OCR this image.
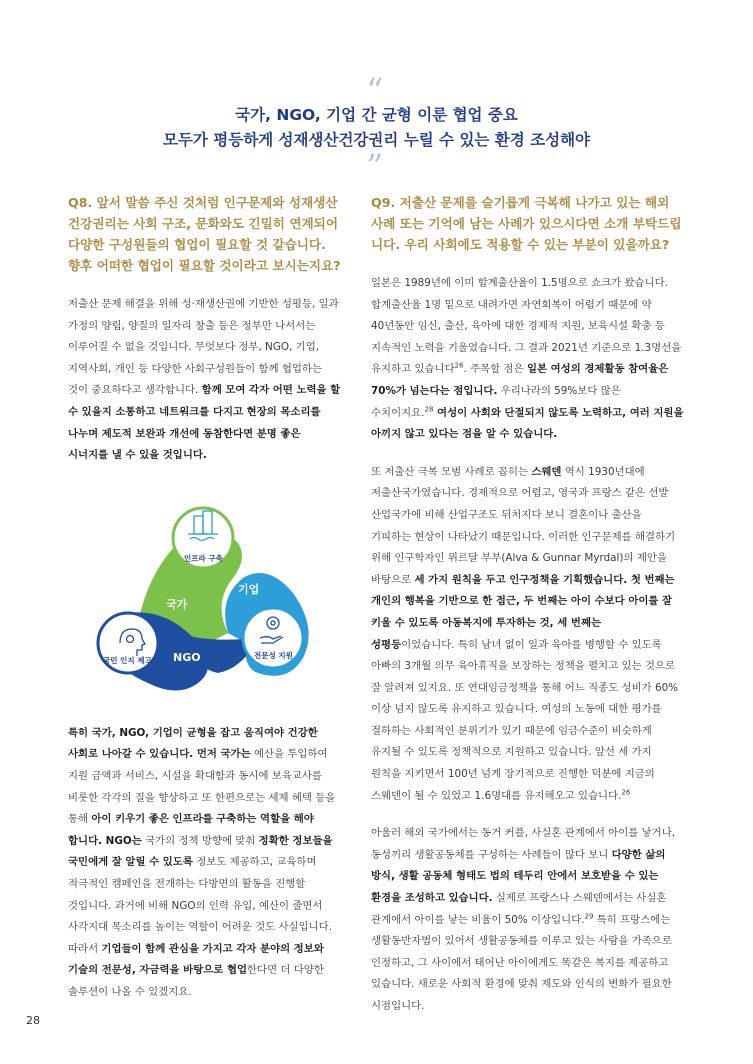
“
국가, NGO, 기업 간 균형 이룬 협업 중요
모두가 평등하게 성재생산건강권리 누릴 수 있는 환경 조성해야
”
Q8. 앞서 말씀 주신 것처럼 인구문제와 성재생산건강권리는 사회 구조, 문화와도 긴밀히 연계되어 다양한 구성원들의 협업이 필요할 것 같습니다. 향후 어떠한 협업이 필요할 것이라고 보시는지요?

저출산 문제 해결을 위해 성·재생산권에 기반한 성평등, 일과 가정의 양립, 양질의 일자리 창출 등은 정부만 나서서는 이루어질 수 없을 것입니다. 무엇보다 정부, NGO, 기업, 지역사회, 개인 등 다양한 사회구성원들이 함께 협업하는 것이 중요하다고 생각합니다. 함께 모여 각자 어떤 노력을 할 수 있을지 소통하고 네트워크를 다지고 현장의 목소리를 나누며 제도적 보완과 개선에 동참한다면 분명 좋은 시너지를 낼 수 있을 것입니다.

국가
기업
NGO
인프라 구축
전문성 지원
국민 인지 제고

특히 국가, NGO, 기업이 균형을 잡고 움직여야 건강한 사회로 나아갈 수 있습니다. 먼저 국가는 예산을 투입하여 지원 금액과 서비스, 시설을 확대함과 동시에 보육교사를 비롯한 각각의 질을 향상하고 또 한편으로는 세제 혜택 등을 통해 아이 키우기 좋은 인프라를 구축하는 역할을 해야 합니다. NGO는 국가의 정책 방향에 맞춰 정확한 정보들을 국민에게 잘 알릴 수 있도록 정보도 제공하고, 교육하며 적극적인 캠페인을 전개하는 다방면의 활동을 진행할 것입니다. 과거에 비해 NGO의 인력 유입, 예산이 줄면서 사각지대 목소리를 높이는 역할이 어려운 것도 사실입니다. 따라서 기업들이 함께 관심을 가지고 각자 분야의 정보와 기술의 전문성, 자금력을 바탕으로 협업한다면 더 다양한 솔루션이 나올 수 있겠지요.

Q9. 저출산 문제를 슬기롭게 극복해 나가고 있는 해외 사례 또는 기억에 남는 사례가 있으시다면 소개 부탁드립니다. 우리 사회에도 적용할 수 있는 부분이 있을까요?

일본은 1989년에 이미 합계출산율이 1.5명으로 쇼크가 왔습니다. 합계출산율 1명 밑으로 내려가면 자연회복이 어렵기 때문에 약 40년동안 임신, 출산, 육아에 대한 경제적 지원, 보육시설 확충 등 지속적인 노력을 기울였습니다. 그 결과 2021년 기준으로 1.3명선을 유지하고 있습니다$^{26}$. 주목할 점은 일본 여성의 경제활동 참여율은 70%가 넘는다는 점입니다. 우리나라의 59%보다 많은 수치이지요.$^{28}$ 여성이 사회와 단절되지 않도록 노력하고, 여러 지원을 아끼지 않고 있다는 점을 알 수 있습니다.

또 저출산 극복 모범 사례로 꼽히는 스웨덴 역시 1930년대에 저출산국가였습니다. 경제적으로 어렵고, 영국과 프랑스 같은 선발 산업국가에 비해 산업구조도 뒤처지다 보니 결혼이나 출산을 기피하는 현상이 나타났기 때문입니다. 이러한 인구문제를 해결하기 위해 인구학자인 뮈르달 부부(Alva & Gunnar Myrdal)의 제안을 바탕으로 세 가지 원칙을 두고 인구정책을 기획했습니다. 첫 번째는 개인의 행복을 기반으로 한 접근, 두 번째는 아이 수보다 아이를 잘 키울 수 있도록 아동복지에 투자하는 것, 세 번째는 성평등이었습니다. 특히 남녀 없이 일과 육아를 병행할 수 있도록 아빠의 3개월 의무 육아휴직을 보장하는 정책을 펼치고 있는 것으로 잘 알려져 있지요. 또 연대임금정책을 통해 어느 직종도 성비가 60%이상 넘지 않도록 유지하고 있습니다. 여성의 노동에 대한 평가를 절하하는 사회적인 분위기가 있기 때문에 임금수준이 비슷하게 유지될 수 있도록 정책적으로 지원하고 있습니다. 앞선 세 가지 원칙을 지키면서 100년 넘게 장기적으로 진행한 덕분에 지금의 스웨덴이 될 수 있었고 1.6명대를 유지해오고 있습니다.$^{26}$

아울러 해외 국가에서는 동거 커플, 사실혼 관계에서 아이를 낳거나, 동성끼리 생활공동체를 구성하는 사례들이 많다 보니 다양한 삶의 방식, 생활 공동체 형태도 법의 테두리 안에서 보호받을 수 있는 환경을 조성하고 있습니다. 실제로 프랑스나 스웨덴에서는 사실혼 관계에서 아이를 낳는 비율이 50% 이상입니다.$^{29}$ 특히 프랑스에는 생활동반자법이 있어서 생활공동체를 이루고 있는 사람을 가족으로 인정하고, 그 사이에서 태어난 아이에게도 똑같은 복지를 제공하고 있습니다. 새로운 사회적 환경에 맞춰 제도와 인식의 변화가 필요한 시점입니다.

28
